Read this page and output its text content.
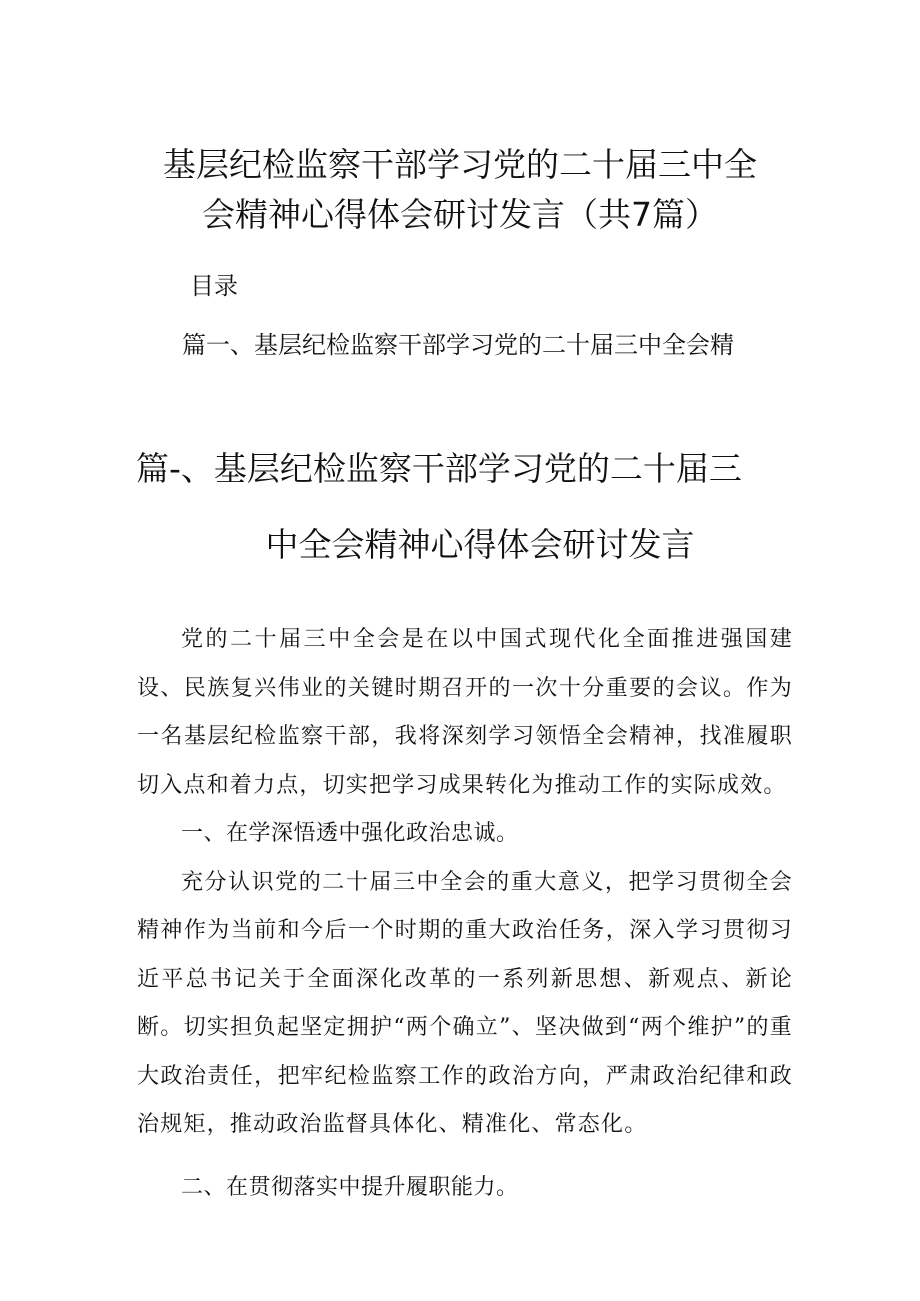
基层纪检监察干部学习党的二十届三中全
会精神心得体会研讨发言（共7篇）

目录

篇一、基层纪检监察干部学习党的二十届三中全会精

篇-、基层纪检监察干部学习党的二十届三
中全会精神心得体会研讨发言

党的二十届三中全会是在以中国式现代化全面推进强国建设、民族复兴伟业的关键时期召开的一次十分重要的会议。作为一名基层纪检监察干部，我将深刻学习领悟全会精神，找准履职切入点和着力点，切实把学习成果转化为推动工作的实际成效。

一、在学深悟透中强化政治忠诚。

充分认识党的二十届三中全会的重大意义，把学习贯彻全会精神作为当前和今后一个时期的重大政治任务，深入学习贯彻习近平总书记关于全面深化改革的一系列新思想、新观点、新论断。切实担负起坚定拥护“两个确立”、坚决做到“两个维护”的重大政治责任，把牢纪检监察工作的政治方向，严肃政治纪律和政治规矩，推动政治监督具体化、精准化、常态化。

二、在贯彻落实中提升履职能力。
